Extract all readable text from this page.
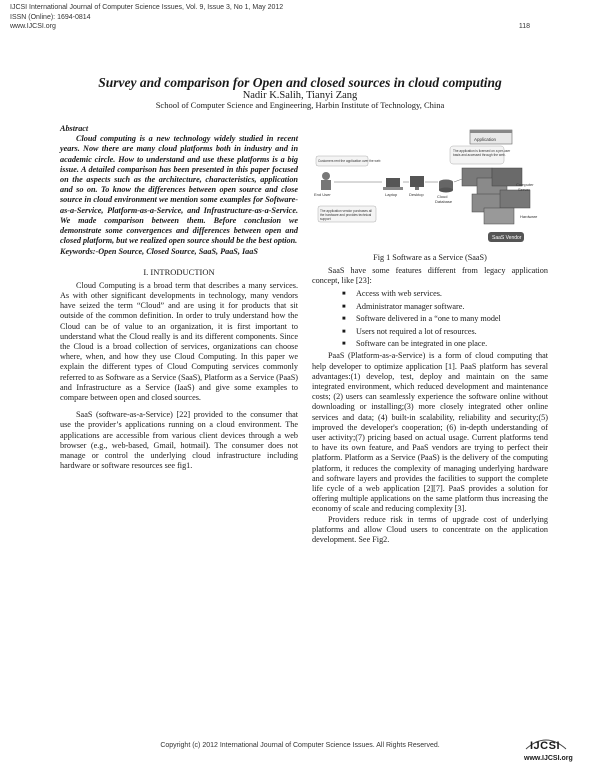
IJCSI International Journal of Computer Science Issues, Vol. 9, Issue 3, No 1, May 2012
ISSN (Online): 1694-0814
www.IJCSI.org	118
Survey and comparison for Open and closed sources in cloud computing
Nadir K.Salih, Tianyi Zang
School of Computer Science and Engineering, Harbin Institute of Technology, China
Abstract

Cloud computing is a new technology widely studied in recent years. Now there are many cloud platforms both in industry and in academic circle. How to understand and use these platforms is a big issue. A detailed comparison has been presented in this paper focused on the aspects such as the architecture, characteristics, application and so on. To know the differences between open source and close source in cloud environment we mention some examples for Software-as-a-Service, Platform-as-a-Service, and Infrastructure-as-a-Service. We made comparison between them. Before conclusion we demonstrate some convergences and differences between open and closed platform, but we realized open source should be the best option.

Keywords:-Open Source, Closed Source, SaaS, PaaS, IaaS
I. INTRODUCTION

Cloud Computing is a broad term that describes a many services. As with other significant developments in technology, many vendors have seized the term “Cloud” and are using it for products that sit outside of the common definition. In order to truly understand how the Cloud can be of value to an organization, it is first important to understand what the Cloud really is and its different components. Since the Cloud is a broad collection of services, organizations can choose where, when, and how they use Cloud Computing. In this paper we explain the different types of Cloud Computing services commonly referred to as Software as a Service (SaaS), Platform as a Service (PaaS) and Infrastructure as a Service (IaaS) and give some examples to compare between open and closed sources.

SaaS (software-as-a-Service) [22] provided to the consumer that use the provider’s applications running on a cloud environment. The applications are accessible from various client devices through a web browser (e.g., web-based, Gmail, hotmail). The consumer does not manage or control the underlying cloud infrastructure including hardware or software resources see fig1.

Application
The application is licensed on a per-user
basis and accessed through the web.
Customers rent the application over the web
End User	Laptop	Desktop	Cloud
Database
Computer
Server
Hardware
The application vendor purchases all
the hardware and provides technical
support
SaaS Vendor
Fig 1 Software as a Service (SaaS)

SaaS have some features different from legacy application concept, like [23]:

■ Access with web services.
■ Administrator manager software.
■ Software delivered in a “one to many model
■ Users not required a lot of resources.
■ Software can be integrated in one place.

PaaS (Platform-as-a-Service) is a form of cloud computing that help developer to optimize application [1]. PaaS platform has several advantages:(1) develop, test, deploy and maintain on the same integrated environment, which reduced development and maintenance costs; (2) users can seamlessly experience the software online without downloading or installing;(3) more closely integrated other online services and data; (4) built-in scalability, reliability and security;(5) improved the developer's cooperation; (6) in-depth understanding of user activity;(7) pricing based on actual usage. Current platforms tend to have its own feature, and PaaS vendors are trying to perfect their platform. Platform as a Service (PaaS) is the delivery of the computing platform, it reduces the complexity of managing underlying hardware and software layers and provides the facilities to support the complete life cycle of a web application [2][7]. PaaS provides a solution for offering multiple applications on the same platform thus increasing the economy of scale and reducing complexity [3].

Providers reduce risk in terms of upgrade cost of underlying platforms and allow Cloud users to concentrate on the application development. See Fig2.

Copyright (c) 2012 International Journal of Computer Science Issues. All Rights Reserved.	IJCSI
www.IJCSI.org
